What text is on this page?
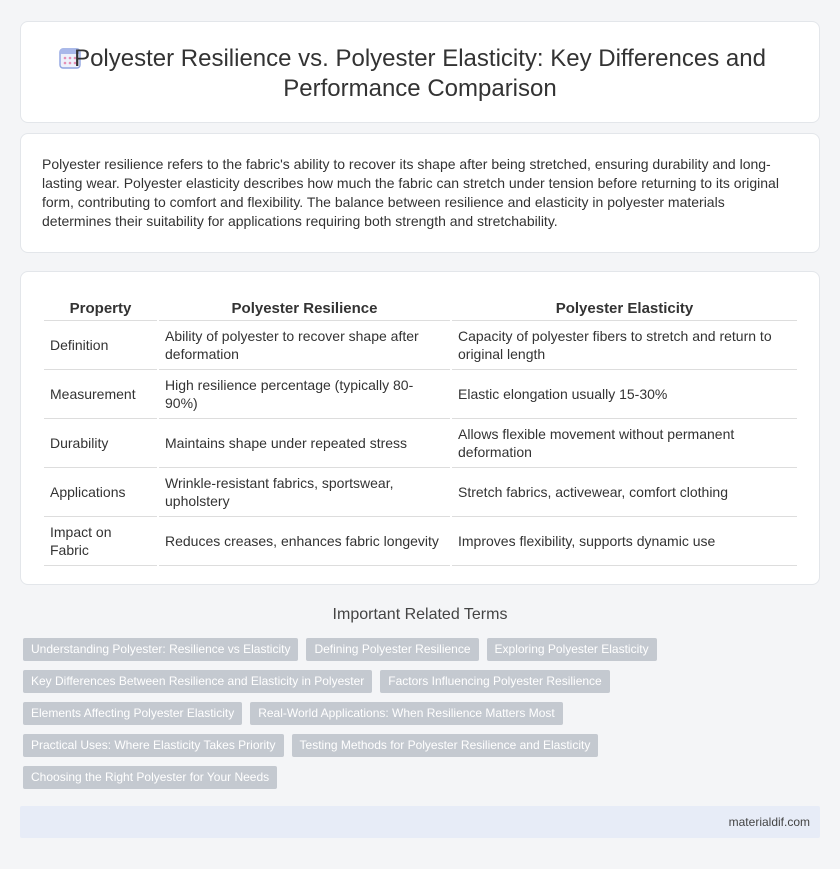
Polyester Resilience vs. Polyester Elasticity: Key Differences and
Performance Comparison

Polyester resilience refers to the fabric's ability to recover its shape after being stretched, ensuring durability and long-lasting wear. Polyester elasticity describes how much the fabric can stretch under tension before returning to its original form, contributing to comfort and flexibility. The balance between resilience and elasticity in polyester materials determines their suitability for applications requiring both strength and stretchability.

Property	Polyester Resilience	Polyester Elasticity
Definition	Ability of polyester to recover shape after deformation	Capacity of polyester fibers to stretch and return to original length
Measurement	High resilience percentage (typically 80-90%)	Elastic elongation usually 15-30%
Durability	Maintains shape under repeated stress	Allows flexible movement without permanent deformation
Applications	Wrinkle-resistant fabrics, sportswear, upholstery	Stretch fabrics, activewear, comfort clothing
Impact on Fabric	Reduces creases, enhances fabric longevity	Improves flexibility, supports dynamic use
Important Related Terms
Understanding Polyester: Resilience vs Elasticity	Defining Polyester Resilience	Exploring Polyester Elasticity
Key Differences Between Resilience and Elasticity in Polyester	Factors Influencing Polyester Resilience
Elements Affecting Polyester Elasticity	Real-World Applications: When Resilience Matters Most
Practical Uses: Where Elasticity Takes Priority	Testing Methods for Polyester Resilience and Elasticity
Choosing the Right Polyester for Your Needs
materialdif.com
